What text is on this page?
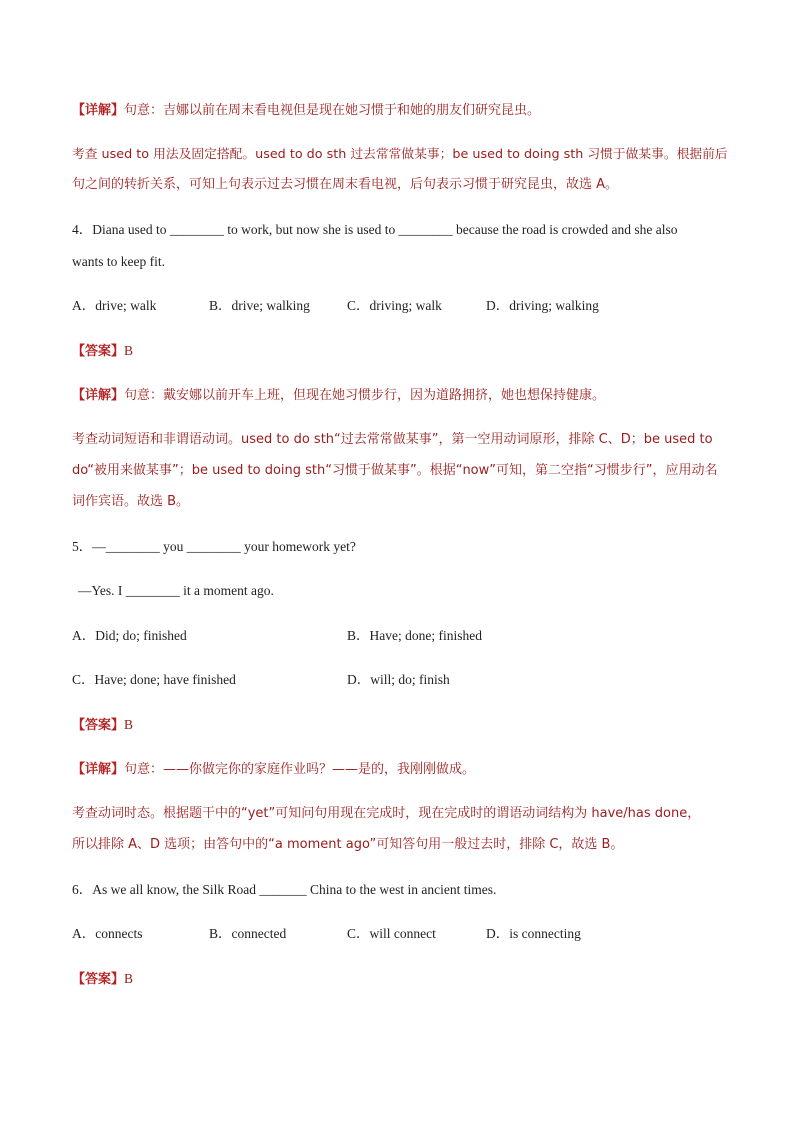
【详解】句意：吉娜以前在周末看电视但是现在她习惯于和她的朋友们研究昆虫。
考查 used to 用法及固定搭配。used to do sth 过去常常做某事；be used to doing sth 习惯于做某事。根据前后
句之间的转折关系，可知上句表示过去习惯在周末看电视，后句表示习惯于研究昆虫，故选 A。
4．Diana used to ________ to work, but now she is used to ________ because the road is crowded and she also
wants to keep fit.
A．drive; walk	B．drive; walking	C．driving; walk	D．driving; walking
【答案】B
【详解】句意：戴安娜以前开车上班，但现在她习惯步行，因为道路拥挤，她也想保持健康。
考查动词短语和非谓语动词。used to do sth“过去常常做某事”，第一空用动词原形，排除 C、D；be used to
do“被用来做某事”；be used to doing sth“习惯于做某事”。根据“now”可知，第二空指“习惯步行”，应用动名
词作宾语。故选 B。
5．—________ you ________ your homework yet?
—Yes. I ________ it a moment ago.
A．Did; do; finished	B．Have; done; finished
C．Have; done; have finished	D．will; do; finish
【答案】B
【详解】句意：——你做完你的家庭作业吗？——是的，我刚刚做成。
考查动词时态。根据题干中的“yet”可知问句用现在完成时，现在完成时的谓语动词结构为 have/has done，
所以排除 A、D 选项；由答句中的“a moment ago”可知答句用一般过去时，排除 C，故选 B。
6．As we all know, the Silk Road _______ China to the west in ancient times.
A．connects	B．connected	C．will connect	D．is connecting
【答案】B
